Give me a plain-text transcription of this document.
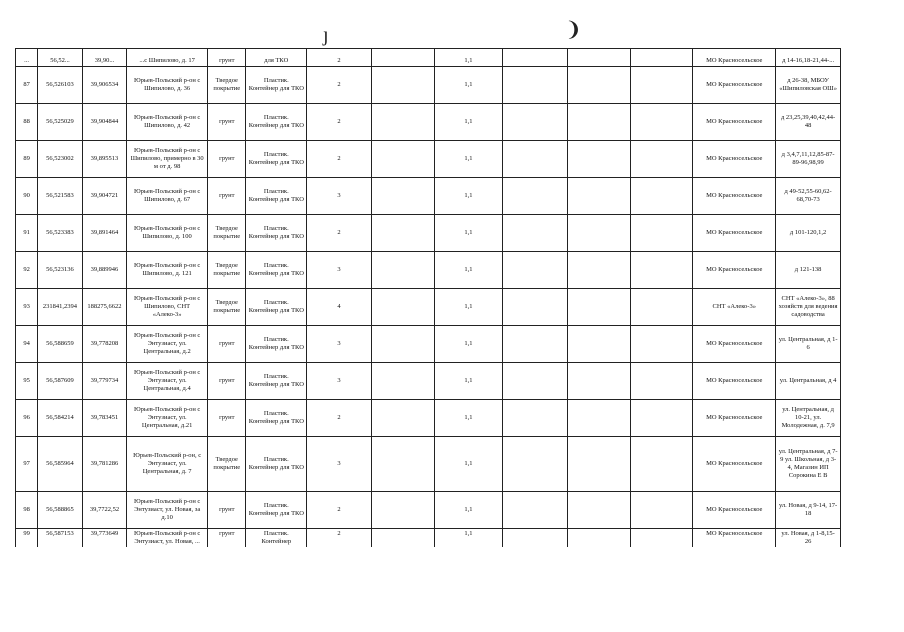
ȷ	❩
...	56,52...	39,90...	...с Шипилово, д. 17	грунт	для ТКО	2		1,1				МО Красносельское	д 14-16,18-21,44-...
87	56,526103	39,906534	Юрьев-Польский р-он с Шипилово, д. 36	Твердое покрытие	Пластик. Контейнер для ТКО	2		1,1				МО Красносельское	д 26-38, МБОУ «Шипиловская ОШ»
88	56,525029	39,904844	Юрьев-Польский р-он с Шипилово, д. 42	грунт	Пластик. Контейнер для ТКО	2		1,1				МО Красносельское	д 23,25,39,40,42,44-48
89	56,523002	39,895513	Юрьев-Польский р-он с Шипилово, примерно в 30 м от д. 98	грунт	Пластик. Контейнер для ТКО	2		1,1				МО Красносельское	д 3,4,7,11,12,85-87-89-96,98,99
90	56,521583	39,904721	Юрьев-Польский р-он с Шипилово, д. 67	грунт	Пластик. Контейнер для ТКО	3		1,1				МО Красносельское	д 49-52,55-60,62-68,70-73
91	56,523383	39,891464	Юрьев-Польский р-он с Шипилово, д. 100	Твердое покрытие	Пластик. Контейнер для ТКО	2		1,1				МО Красносельское	д 101-120,1,2
92	56,523136	39,889946	Юрьев-Польский р-он с Шипилово, д. 121	Твердое покрытие	Пластик. Контейнер для ТКО	3		1,1				МО Красносельское	д 121-138
93	231841,2394	188275,6622	Юрьев-Польский р-он с Шипилово, СНТ «Алеко-3»	Твердое покрытие	Пластик. Контейнер для ТКО	4		1,1				СНТ «Алеко-3»	СНТ «Алеко-3», 88 хозяйств для ведения садоводства
94	56,588659	39,778208	Юрьев-Польский р-он с Энтузиаст, ул. Центральная, д.2	грунт	Пластик. Контейнер для ТКО	3		1,1				МО Красносельское	ул. Центральная, д 1-6
95	56,587609	39,779734	Юрьев-Польский р-он с Энтузиаст, ул. Центральная, д.4	грунт	Пластик. Контейнер для ТКО	3		1,1				МО Красносельское	ул. Центральная, д 4
96	56,584214	39,783451	Юрьев-Польский р-он с Энтузиаст, ул. Центральная, д.21	грунт	Пластик. Контейнер для ТКО	2		1,1				МО Красносельское	ул. Центральная, д 10-21, ул. Молодежная, д. 7,9
97	56,585964	39,781286	Юрьев-Польский р-он, с Энтузиаст, ул. Центральная, д. 7	Твердое покрытие	Пластик. Контейнер для ТКО	3		1,1				МО Красносельское	ул. Центральная, д 7-9 ул. Школьная, д 3-4, Магазин ИП Сорокина Е В
98	56,588865	39,7722,52	Юрьев-Польский р-он с Энтузиаст, ул. Новая, за д.10	грунт	Пластик. Контейнер для ТКО	2		1,1				МО Красносельское	ул. Новая, д 9-14, 17-18
99	56,587153	39,773649	Юрьев-Польский р-он с Энтузиаст, ул. Новая, ...	грунт	Пластик. Контейнер	2		1,1				МО Красносельское	ул. Новая, д 1-8,15-26
